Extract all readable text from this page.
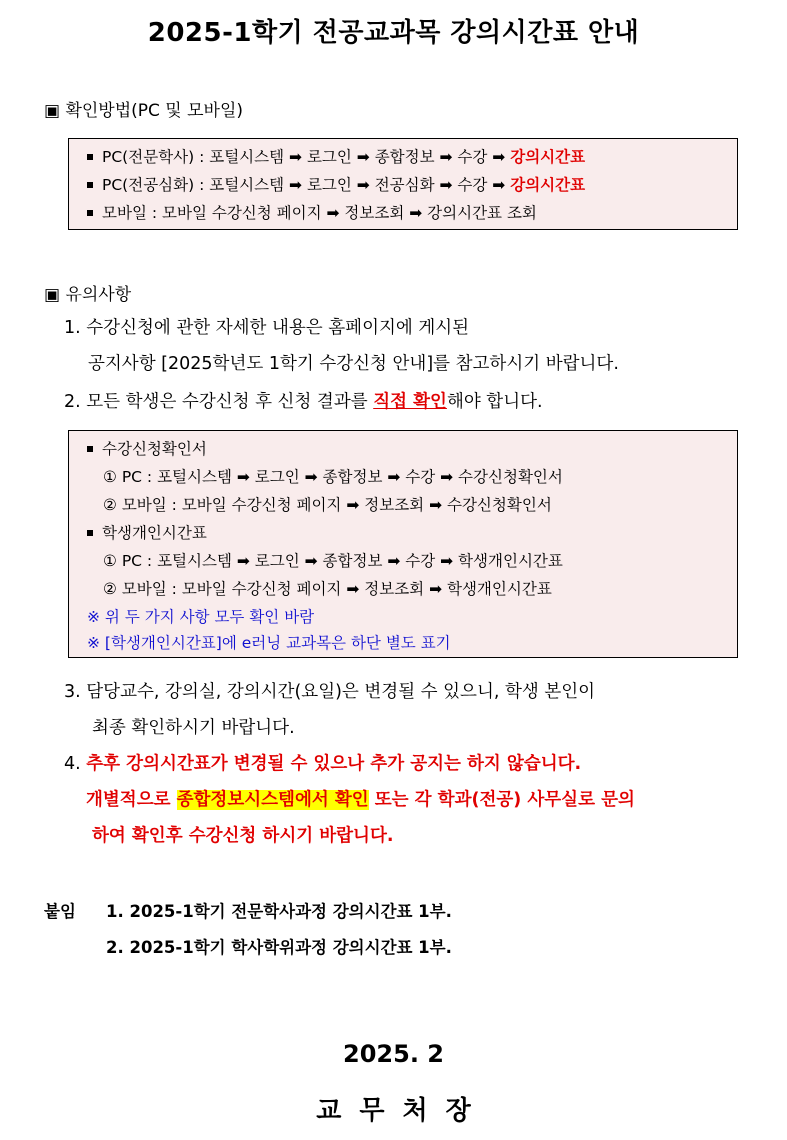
2025-1학기 전공교과목 강의시간표 안내
▣ 확인방법(PC 및 모바일)
PC(전문학사) : 포털시스템 ➡ 로그인 ➡ 종합정보 ➡ 수강 ➡ 강의시간표
PC(전공심화) : 포털시스템 ➡ 로그인 ➡ 전공심화 ➡ 수강 ➡ 강의시간표
모바일 : 모바일 수강신청 페이지 ➡ 정보조회 ➡ 강의시간표 조회
▣ 유의사항
1. 수강신청에 관한 자세한 내용은 홈페이지에 게시된
공지사항 [2025학년도 1학기 수강신청 안내]를 참고하시기 바랍니다.
2. 모든 학생은 수강신청 후 신청 결과를 직접 확인해야 합니다.
수강신청확인서
① PC : 포털시스템 ➡ 로그인 ➡ 종합정보 ➡ 수강 ➡ 수강신청확인서
② 모바일 : 모바일 수강신청 페이지 ➡ 정보조회 ➡ 수강신청확인서
학생개인시간표
① PC : 포털시스템 ➡ 로그인 ➡ 종합정보 ➡ 수강 ➡ 학생개인시간표
② 모바일 : 모바일 수강신청 페이지 ➡ 정보조회 ➡ 학생개인시간표
※ 위 두 가지 사항 모두 확인 바람
※ [학생개인시간표]에 e러닝 교과목은 하단 별도 표기
3. 담당교수, 강의실, 강의시간(요일)은 변경될 수 있으니, 학생 본인이
최종 확인하시기 바랍니다.
4. 추후 강의시간표가 변경될 수 있으나 추가 공지는 하지 않습니다.
개별적으로 종합정보시스템에서 확인 또는 각 학과(전공) 사무실로 문의
하여 확인후 수강신청 하시기 바랍니다.
붙임 1. 2025-1학기 전문학사과정 강의시간표 1부.
2. 2025-1학기 학사학위과정 강의시간표 1부.
2025. 2
교무처장
